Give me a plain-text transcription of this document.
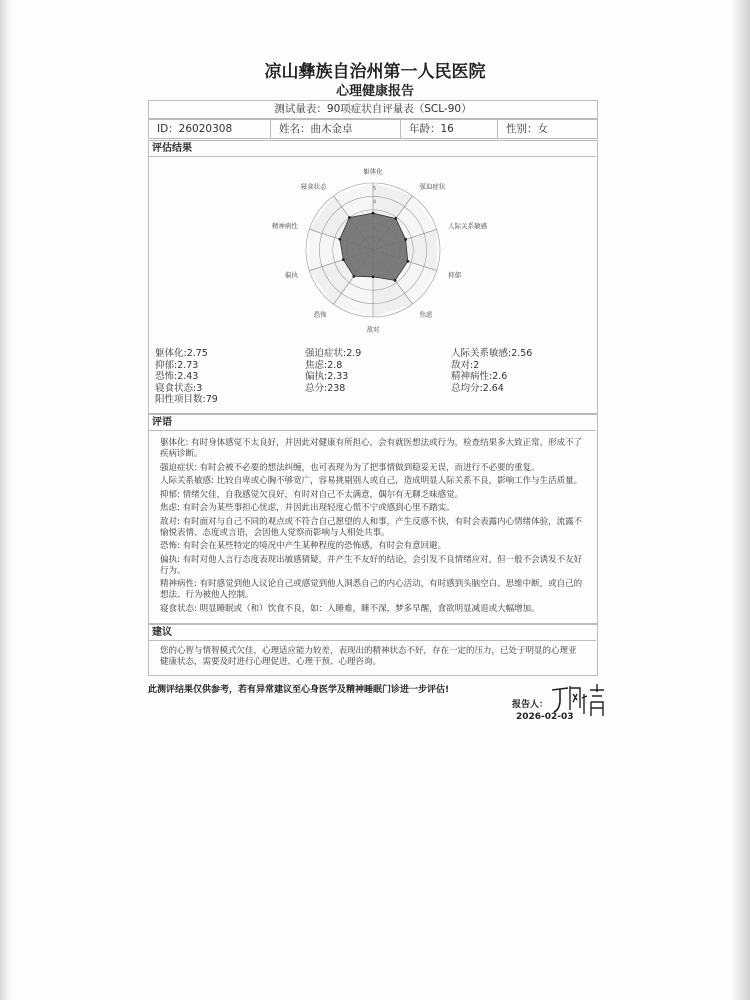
凉山彝族自治州第一人民医院
心理健康报告
测试量表：90项症状自评量表（SCL-90）
ID：26020308	姓名：曲木金卓	年龄：16	性别：女
评估结果
5
4
躯体化
强迫症状
人际关系敏感
抑郁
焦虑
敌对
恐怖
偏执
精神病性
寝食状态
躯体化:2.75	强迫症状:2.9	人际关系敏感:2.56
抑郁:2.73	焦虑:2.8	敌对:2
恐怖:2.43	偏执:2.33	精神病性:2.6
寝食状态:3	总分:238	总均分:2.64
阳性项目数:79
评语

躯体化: 有时身体感觉不太良好，并因此对健康有所担心，会有就医想法或行为，检查结果多大致正常，形成不了疾病诊断。

强迫症状: 有时会被不必要的想法纠缠，也可表现为为了把事情做到稳妥无误，而进行不必要的重复。

人际关系敏感: 比较自卑或心胸不够宽广，容易挑剔别人或自己，造成明显人际关系不良，影响工作与生活质量。

抑郁: 情绪欠佳，自我感觉欠良好，有时对自己不太满意，偶尔有无聊乏味感觉。

焦虑: 有时会为某些事担心忧虑，并因此出现轻度心慌不宁或感到心里不踏实。

敌对: 有时面对与自己不同的观点或不符合自己愿望的人和事，产生反感不快，有时会表露内心情绪体验，流露不愉悦表情、态度或言语，会因他人觉察而影响与人相处共事。

恐怖: 有时会在某些特定的境况中产生某种程度的恐怖感，有时会有意回避。

偏执: 有时对他人言行态度表现出敏感猜疑，并产生不友好的结论，会引发不良情绪应对，但一般不会诱发不友好行为。

精神病性: 有时感觉到他人议论自己或感觉到他人洞悉自己的内心活动，有时感到头脑空白、思维中断，或自己的想法、行为被他人控制。

寝食状态: 明显睡眠或（和）饮食不良，如：入睡难，睡不深，梦多早醒，食欲明显减退或大幅增加。

建议
您的心智与情智模式欠佳，心理适应能力较差，表现出的精神状态不好，存在一定的压力，已处于明显的心理亚健康状态，需要及时进行心理促进、心理干预、心理咨询。
此测评结果仅供参考，若有异常建议至心身医学及精神睡眠门诊进一步评估!
报告人：
2026-02-03
